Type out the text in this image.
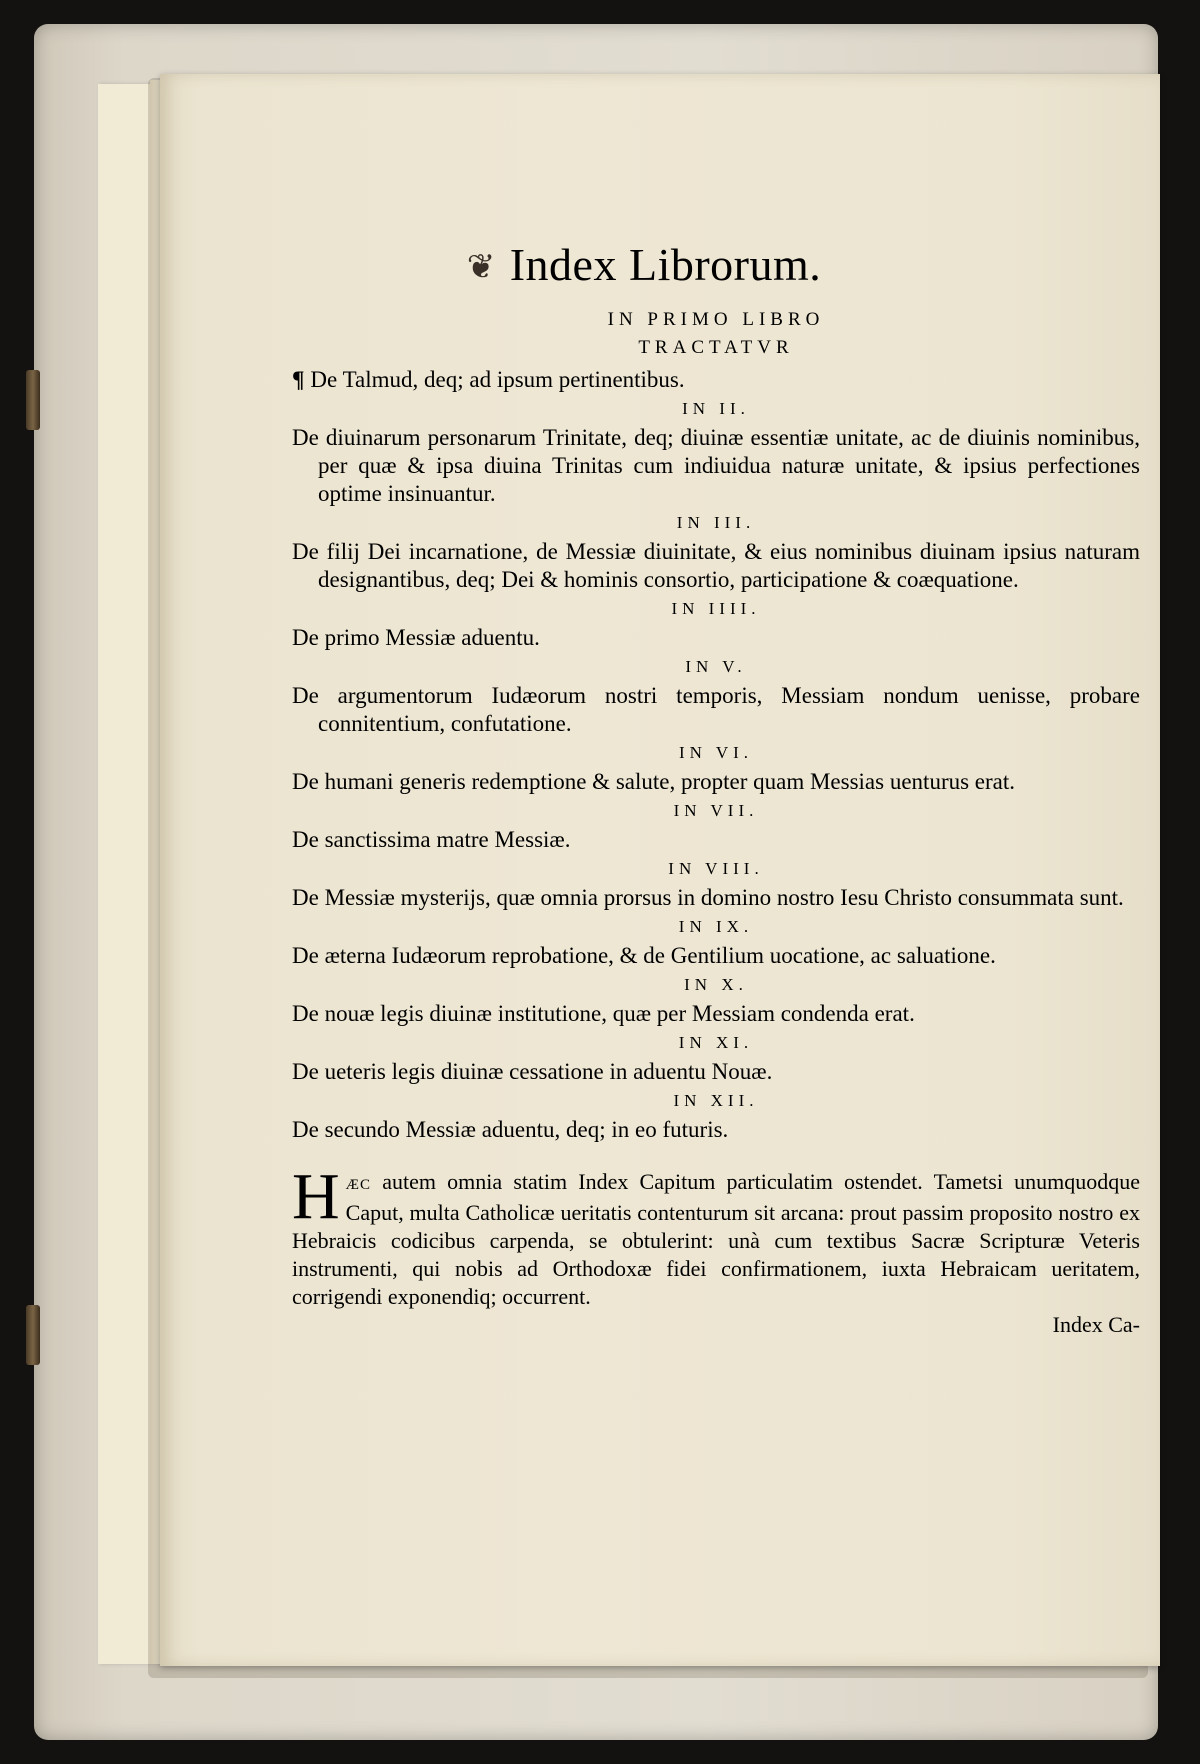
❦ Index Librorum.

IN PRIMO LIBRO

TRACTATVR

¶ De Talmud, deq; ad ipsum pertinentibus.

IN II.

De diuinarum personarum Trinitate, deq; diuinæ essentiæ unitate, ac de diuinis nominibus, per quæ & ipsa diuina Trinitas cum indiuidua naturæ unitate, & ipsius perfectiones optime insinuantur.

IN III.

De filij Dei incarnatione, de Messiæ diuinitate, & eius nominibus diuinam ipsius naturam designantibus, deq; Dei & hominis consortio, participatione & coæquatione.

IN IIII.

De primo Messiæ aduentu.

IN V.

De argumentorum Iudæorum nostri temporis, Messiam nondum uenisse, probare connitentium, confutatione.

IN VI.

De humani generis redemptione & salute, propter quam Messias uenturus erat.

IN VII.

De sanctissima matre Messiæ.

IN VIII.

De Messiæ mysterijs, quæ omnia prorsus in domino nostro Iesu Christo consummata sunt.

IN IX.

De æterna Iudæorum reprobatione, & de Gentilium uocatione, ac saluatione.

IN X.

De nouæ legis diuinæ institutione, quæ per Messiam condenda erat.

IN XI.

De ueteris legis diuinæ cessatione in aduentu Nouæ.

IN XII.

De secundo Messiæ aduentu, deq; in eo futuris.

HÆC autem omnia statim Index Capitum particulatim ostendet. Tametsi unumquodque Caput, multa Catholicæ ueritatis contenturum sit arcana: prout passim proposito nostro ex Hebraicis codicibus carpenda, se obtulerint: unà cum textibus Sacræ Scripturæ Veteris instrumenti, qui nobis ad Orthodoxæ fidei confirmationem, iuxta Hebraicam ueritatem, corrigendi exponendiq; occurrent.

Index Ca-
